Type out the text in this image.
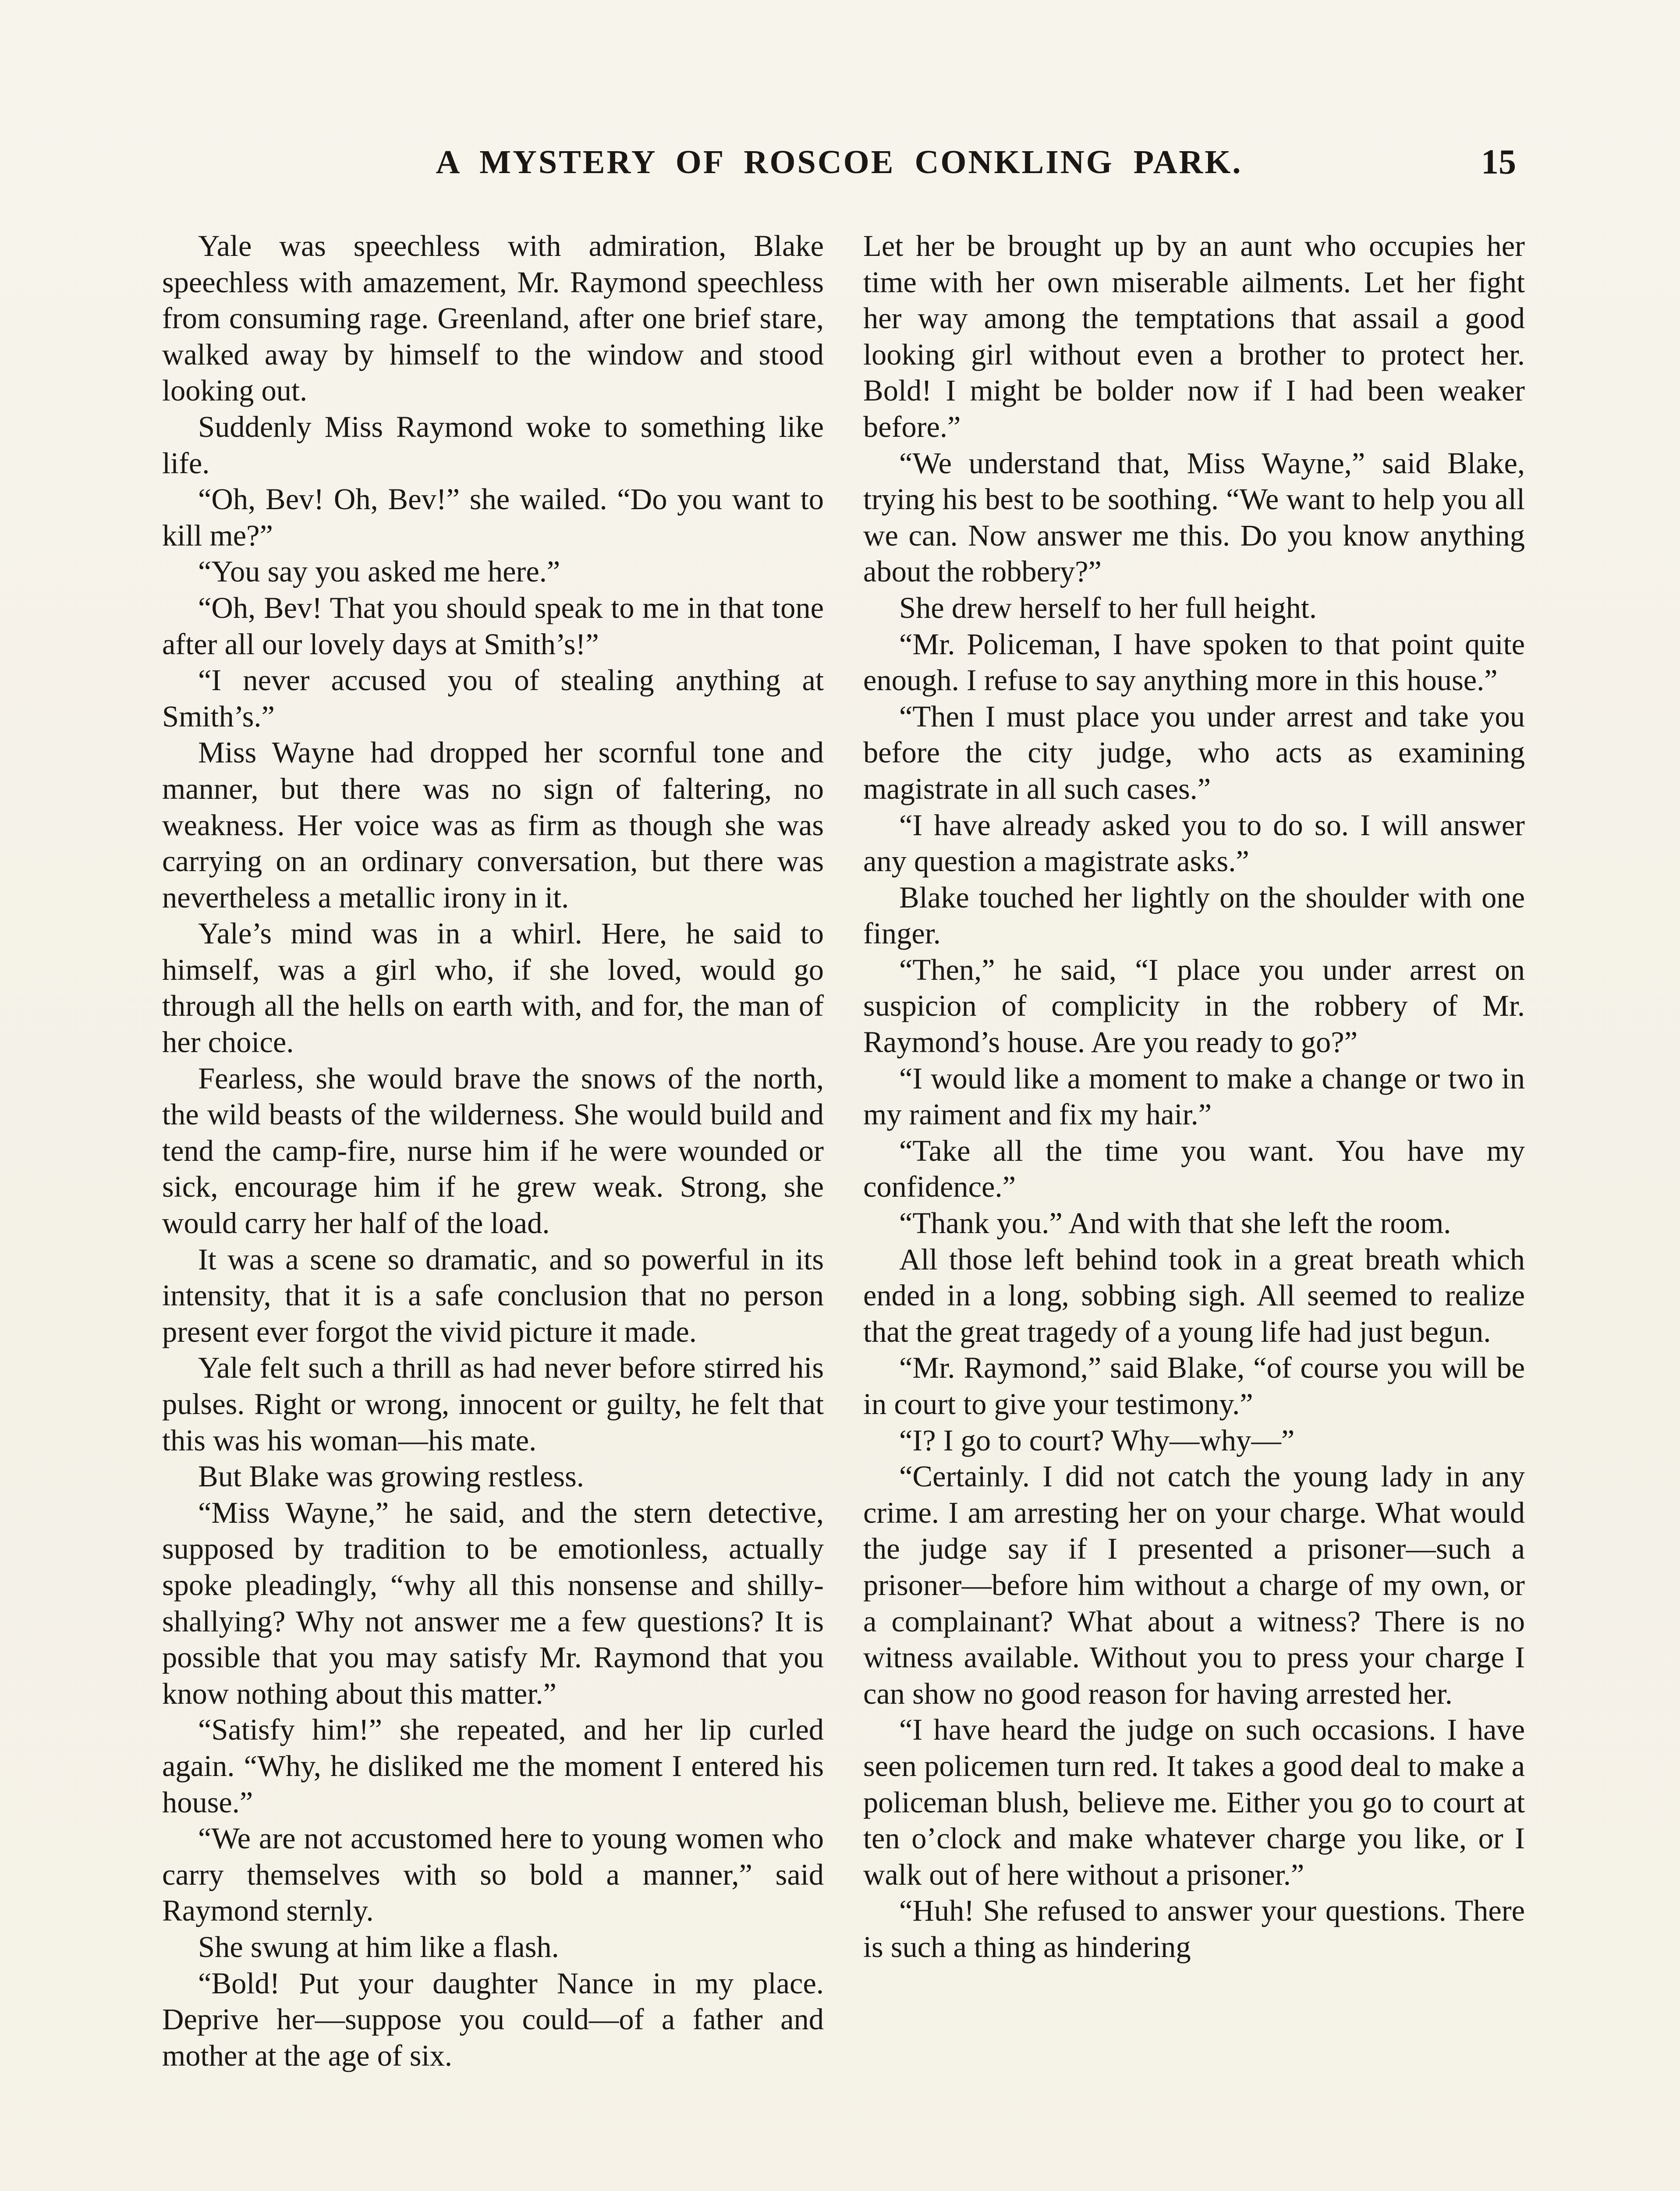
A MYSTERY OF ROSCOE CONKLING PARK.	15

Yale was speechless with admiration, Blake speechless with amazement, Mr. Raymond speechless from consuming rage. Greenland, after one brief stare, walked away by himself to the window and stood looking out.

Suddenly Miss Raymond woke to something like life.

“Oh, Bev! Oh, Bev!” she wailed. “Do you want to kill me?”

“You say you asked me here.”

“Oh, Bev! That you should speak to me in that tone after all our lovely days at Smith’s!”

“I never accused you of stealing anything at Smith’s.”

Miss Wayne had dropped her scornful tone and manner, but there was no sign of faltering, no weakness. Her voice was as firm as though she was carrying on an ordinary conversation, but there was nevertheless a metallic irony in it.

Yale’s mind was in a whirl. Here, he said to himself, was a girl who, if she loved, would go through all the hells on earth with, and for, the man of her choice.

Fearless, she would brave the snows of the north, the wild beasts of the wilderness. She would build and tend the camp-fire, nurse him if he were wounded or sick, encourage him if he grew weak. Strong, she would carry her half of the load.

It was a scene so dramatic, and so powerful in its intensity, that it is a safe conclusion that no person present ever forgot the vivid picture it made.

Yale felt such a thrill as had never before stirred his pulses. Right or wrong, innocent or guilty, he felt that this was his woman—his mate.

But Blake was growing restless.

“Miss Wayne,” he said, and the stern detective, supposed by tradition to be emotionless, actually spoke pleadingly, “why all this nonsense and shilly-shallying? Why not answer me a few questions? It is possible that you may satisfy Mr. Raymond that you know nothing about this matter.”

“Satisfy him!” she repeated, and her lip curled again. “Why, he disliked me the moment I entered his house.”

“We are not accustomed here to young women who carry themselves with so bold a manner,” said Raymond sternly.

She swung at him like a flash.

“Bold! Put your daughter Nance in my place. Deprive her—suppose you could—of a father and mother at the age of six.

Let her be brought up by an aunt who occupies her time with her own miserable ailments. Let her fight her way among the temptations that assail a good looking girl without even a brother to protect her. Bold! I might be bolder now if I had been weaker before.”

“We understand that, Miss Wayne,” said Blake, trying his best to be soothing. “We want to help you all we can. Now answer me this. Do you know anything about the robbery?”

She drew herself to her full height.

“Mr. Policeman, I have spoken to that point quite enough. I refuse to say anything more in this house.”

“Then I must place you under arrest and take you before the city judge, who acts as examining magistrate in all such cases.”

“I have already asked you to do so. I will answer any question a magistrate asks.”

Blake touched her lightly on the shoulder with one finger.

“Then,” he said, “I place you under arrest on suspicion of complicity in the robbery of Mr. Raymond’s house. Are you ready to go?”

“I would like a moment to make a change or two in my raiment and fix my hair.”

“Take all the time you want. You have my confidence.”

“Thank you.” And with that she left the room.

All those left behind took in a great breath which ended in a long, sobbing sigh. All seemed to realize that the great tragedy of a young life had just begun.

“Mr. Raymond,” said Blake, “of course you will be in court to give your testimony.”

“I? I go to court? Why—why—”

“Certainly. I did not catch the young lady in any crime. I am arresting her on your charge. What would the judge say if I presented a prisoner—such a prisoner—before him without a charge of my own, or a complainant? What about a witness? There is no witness available. Without you to press your charge I can show no good reason for having arrested her.

“I have heard the judge on such occasions. I have seen policemen turn red. It takes a good deal to make a policeman blush, believe me. Either you go to court at ten o’clock and make whatever charge you like, or I walk out of here without a prisoner.”

“Huh! She refused to answer your questions. There is such a thing as hindering
